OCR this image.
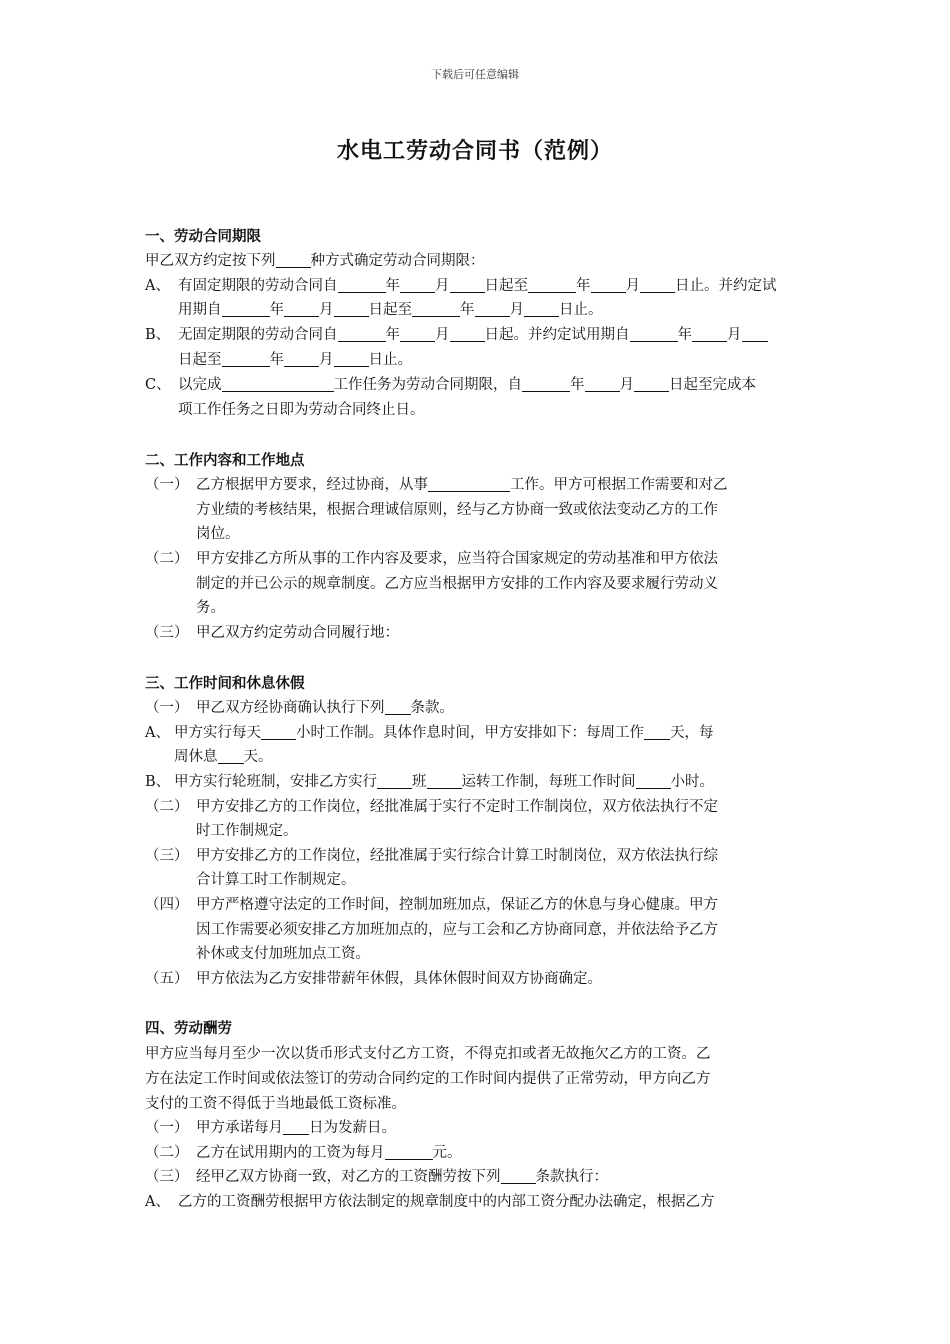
下载后可任意编辑
水电工劳动合同书（范例）
一、劳动合同期限
甲乙双方约定按下列 种方式确定劳动合同期限：
A、 有固定期限的劳动合同自	年 月 日起至	年 月 日止。并约定试
用期自	年 月 日起至	年 月 日止。
B、 无固定期限的劳动合同自	年 月 日起。并约定试用期自	年 月
日起至	年 月 日止。
C、 以完成	工作任务为劳动合同期限，自	年 月 日起至完成本
项工作任务之日即为劳动合同终止日。
二、工作内容和工作地点
（一） 乙方根据甲方要求，经过协商，从事	工作。甲方可根据工作需要和对乙
方业绩的考核结果，根据合理诚信原则，经与乙方协商一致或依法变动乙方的工作
岗位。
（二） 甲方安排乙方所从事的工作内容及要求，应当符合国家规定的劳动基准和甲方依法
制定的并已公示的规章制度。乙方应当根据甲方安排的工作内容及要求履行劳动义
务。
（三） 甲乙双方约定劳动合同履行地：
三、工作时间和休息休假
（一） 甲乙双方经协商确认执行下列 条款。
A、 甲方实行每天 小时工作制。具体作息时间，甲方安排如下：每周工作 天，每
周休息 天。
B、 甲方实行轮班制，安排乙方实行 班 运转工作制，每班工作时间 小时。
（二） 甲方安排乙方的工作岗位，经批准属于实行不定时工作制岗位，双方依法执行不定
时工作制规定。
（三） 甲方安排乙方的工作岗位，经批准属于实行综合计算工时制岗位，双方依法执行综
合计算工时工作制规定。
（四） 甲方严格遵守法定的工作时间，控制加班加点，保证乙方的休息与身心健康。甲方
因工作需要必须安排乙方加班加点的，应与工会和乙方协商同意，并依法给予乙方
补休或支付加班加点工资。
（五） 甲方依法为乙方安排带薪年休假，具体休假时间双方协商确定。
四、劳动酬劳
甲方应当每月至少一次以货币形式支付乙方工资，不得克扣或者无故拖欠乙方的工资。乙
方在法定工作时间或依法签订的劳动合同约定的工作时间内提供了正常劳动，甲方向乙方
支付的工资不得低于当地最低工资标准。
（一） 甲方承诺每月 日为发薪日。
（二） 乙方在试用期内的工资为每月	元。
（三） 经甲乙双方协商一致，对乙方的工资酬劳按下列 条款执行：
A、 乙方的工资酬劳根据甲方依法制定的规章制度中的内部工资分配办法确定，根据乙方
